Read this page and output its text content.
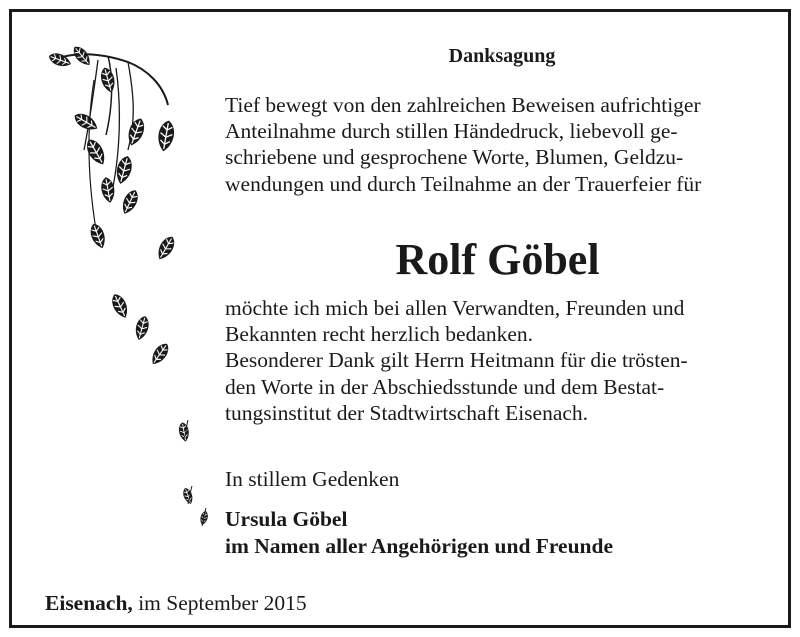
Danksagung

Tief bewegt von den zahlreichen Beweisen aufrichtiger

Anteilnahme durch stillen Händedruck, liebevoll ge-

schriebene und gesprochene Worte, Blumen, Geldzu-

wendungen und durch Teilnahme an der Trauerfeier für

Rolf Göbel

möchte ich mich bei allen Verwandten, Freunden und

Bekannten recht herzlich bedanken.

Besonderer Dank gilt Herrn Heitmann für die trösten-

den Worte in der Abschiedsstunde und dem Bestat-

tungsinstitut der Stadtwirtschaft Eisenach.

In stillem Gedenken
Ursula Göbel
im Namen aller Angehörigen und Freunde
Eisenach, im September 2015
